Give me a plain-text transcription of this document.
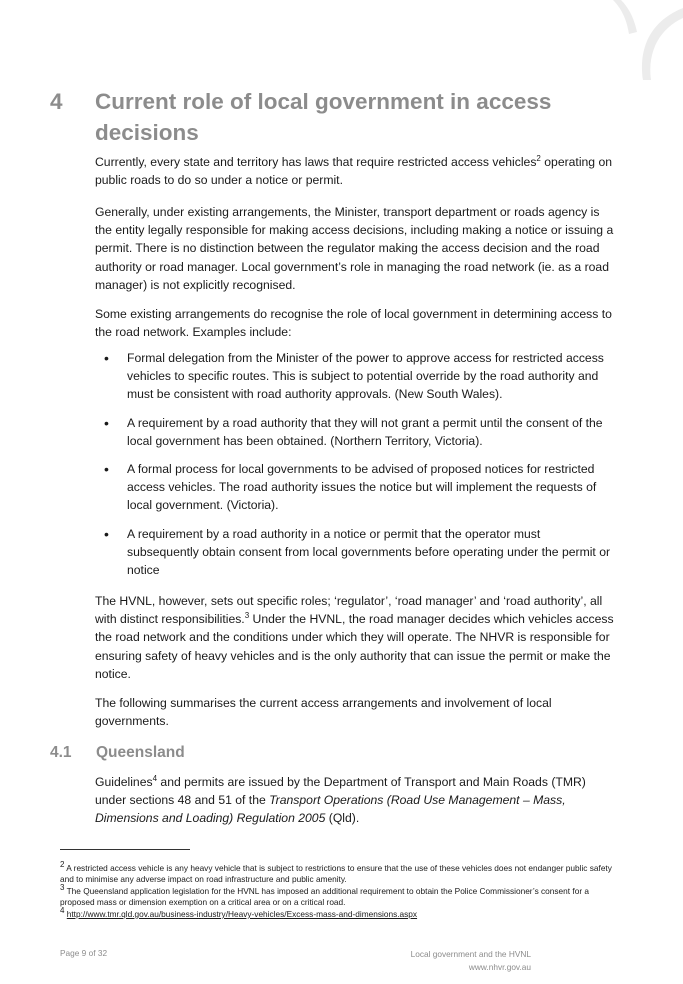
4 Current role of local government in access decisions

Currently, every state and territory has laws that require restricted access vehicles$^2$ operating on public roads to do so under a notice or permit.

Generally, under existing arrangements, the Minister, transport department or roads agency is the entity legally responsible for making access decisions, including making a notice or issuing a permit. There is no distinction between the regulator making the access decision and the road authority or road manager. Local government’s role in managing the road network (ie. as a road manager) is not explicitly recognised.

Some existing arrangements do recognise the role of local government in determining access to the road network. Examples include:

• Formal delegation from the Minister of the power to approve access for restricted access vehicles to specific routes. This is subject to potential override by the road authority and must be consistent with road authority approvals. (New South Wales).
• A requirement by a road authority that they will not grant a permit until the consent of the local government has been obtained. (Northern Territory, Victoria).
• A formal process for local governments to be advised of proposed notices for restricted access vehicles. The road authority issues the notice but will implement the requests of local government. (Victoria).
• A requirement by a road authority in a notice or permit that the operator must subsequently obtain consent from local governments before operating under the permit or notice

The HVNL, however, sets out specific roles; ‘regulator’, ‘road manager’ and ‘road authority’, all with distinct responsibilities.$^3$ Under the HVNL, the road manager decides which vehicles access the road network and the conditions under which they will operate. The NHVR is responsible for ensuring safety of heavy vehicles and is the only authority that can issue the permit or make the notice.

The following summarises the current access arrangements and involvement of local governments.

4.1 Queensland

Guidelines$^4$ and permits are issued by the Department of Transport and Main Roads (TMR) under sections 48 and 51 of the Transport Operations (Road Use Management – Mass, Dimensions and Loading) Regulation 2005 (Qld).

$^2$ A restricted access vehicle is any heavy vehicle that is subject to restrictions to ensure that the use of these vehicles does not endanger public safety and to minimise any adverse impact on road infrastructure and public amenity.
$^3$ The Queensland application legislation for the HVNL has imposed an additional requirement to obtain the Police Commissioner’s consent for a proposed mass or dimension exemption on a critical area or on a critical road.
$^4$ http://www.tmr.qld.gov.au/business-industry/Heavy-vehicles/Excess-mass-and-dimensions.aspx
Page 9 of 32	Local government and the HVNL
www.nhvr.gov.au
